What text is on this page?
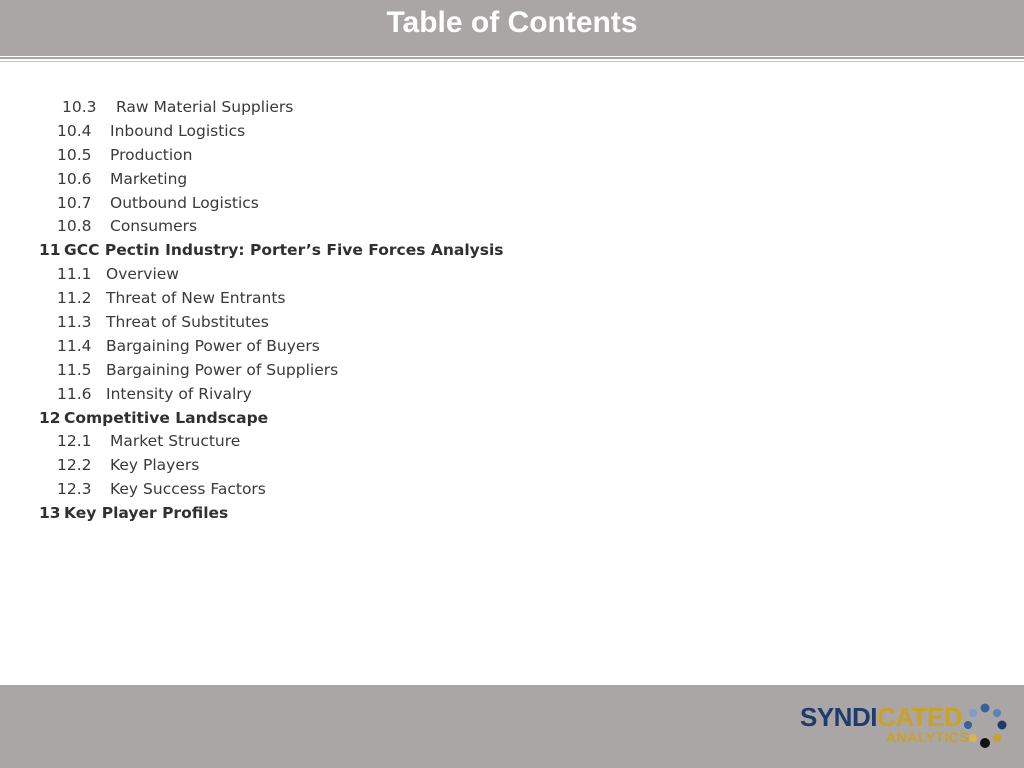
Table of Contents
10.3 Raw Material Suppliers
10.4 Inbound Logistics
10.5 Production
10.6 Marketing
10.7 Outbound Logistics
10.8 Consumers
11 GCC Pectin Industry: Porter’s Five Forces Analysis
11.1 Overview
11.2 Threat of New Entrants
11.3 Threat of Substitutes
11.4 Bargaining Power of Buyers
11.5 Bargaining Power of Suppliers
11.6 Intensity of Rivalry
12 Competitive Landscape
12.1 Market Structure
12.2 Key Players
12.3 Key Success Factors
13 Key Player Profiles
SYNDICATED
ANALYTICS
